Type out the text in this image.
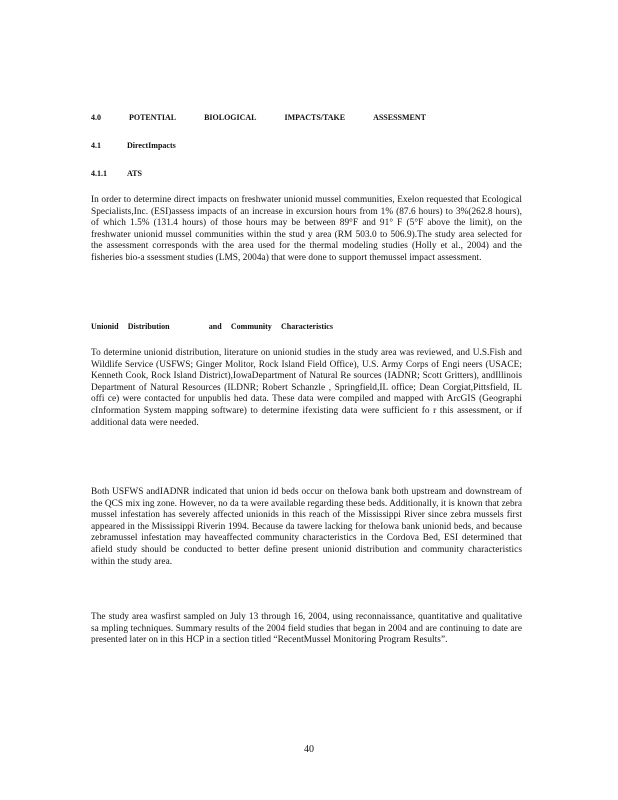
4.0	POTENTIAL	BIOLOGICAL	IMPACTS/TAKE	ASSESSMENT
4.1	DirectImpacts
4.1.1	ATS

In order to determine direct impacts on freshwater unionid mussel communities, Exelon requested that Ecological Specialists,Inc. (ESI)assess impacts of an increase in excursion hours from 1% (87.6 hours) to 3%(262.8 hours), of which 1.5% (131.4 hours) of those hours may be between 89°F and 91° F (5°F above the limit), on the freshwater unionid mussel communities within the stud y area (RM 503.0 to 506.9).The study area selected for the assessment corresponds with the area used for the thermal modeling studies (Holly et al., 2004) and the fisheries bio-a ssessment studies (LMS, 2004a) that were done to support themussel impact assessment.

Unionid Distribution	and Community Characteristics

To determine unionid distribution, literature on unionid studies in the study area was reviewed, and U.S.Fish and Wildlife Service (USFWS; Ginger Molitor, Rock Island Field Office), U.S. Army Corps of Engi neers (USACE; Kenneth Cook, Rock Island District),IowaDepartment of Natural Re sources (IADNR; Scott Gritters), andIllinois Department of Natural Resources (ILDNR; Robert Schanzle , Springfield,IL office; Dean Corgiat,Pittsfield, IL offi ce) were contacted for unpublis hed data. These data were compiled and mapped with ArcGIS (Geographi cInformation System mapping software) to determine ifexisting data were sufficient fo r this assessment, or if additional data were needed.

Both USFWS andIADNR indicated that union id beds occur on theIowa bank both upstream and downstream of the QCS mix ing zone. However, no da ta were available regarding these beds. Additionally, it is known that zebra mussel infestation has severely affected unionids in this reach of the Mississippi River since zebra mussels first appeared in the Mississippi Riverin 1994. Because da tawere lacking for theIowa bank unionid beds, and because zebramussel infestation may haveaffected community characteristics in the Cordova Bed, ESI determined that afield study should be conducted to better define present unionid distribution and community characteristics within the study area.

The study area wasfirst sampled on July 13 through 16, 2004, using reconnaissance, quantitative and qualitative sa mpling techniques. Summary results of the 2004 field studies that began in 2004 and are continuing to date are presented later on in this HCP in a section titled “RecentMussel Monitoring Program Results”.

40
